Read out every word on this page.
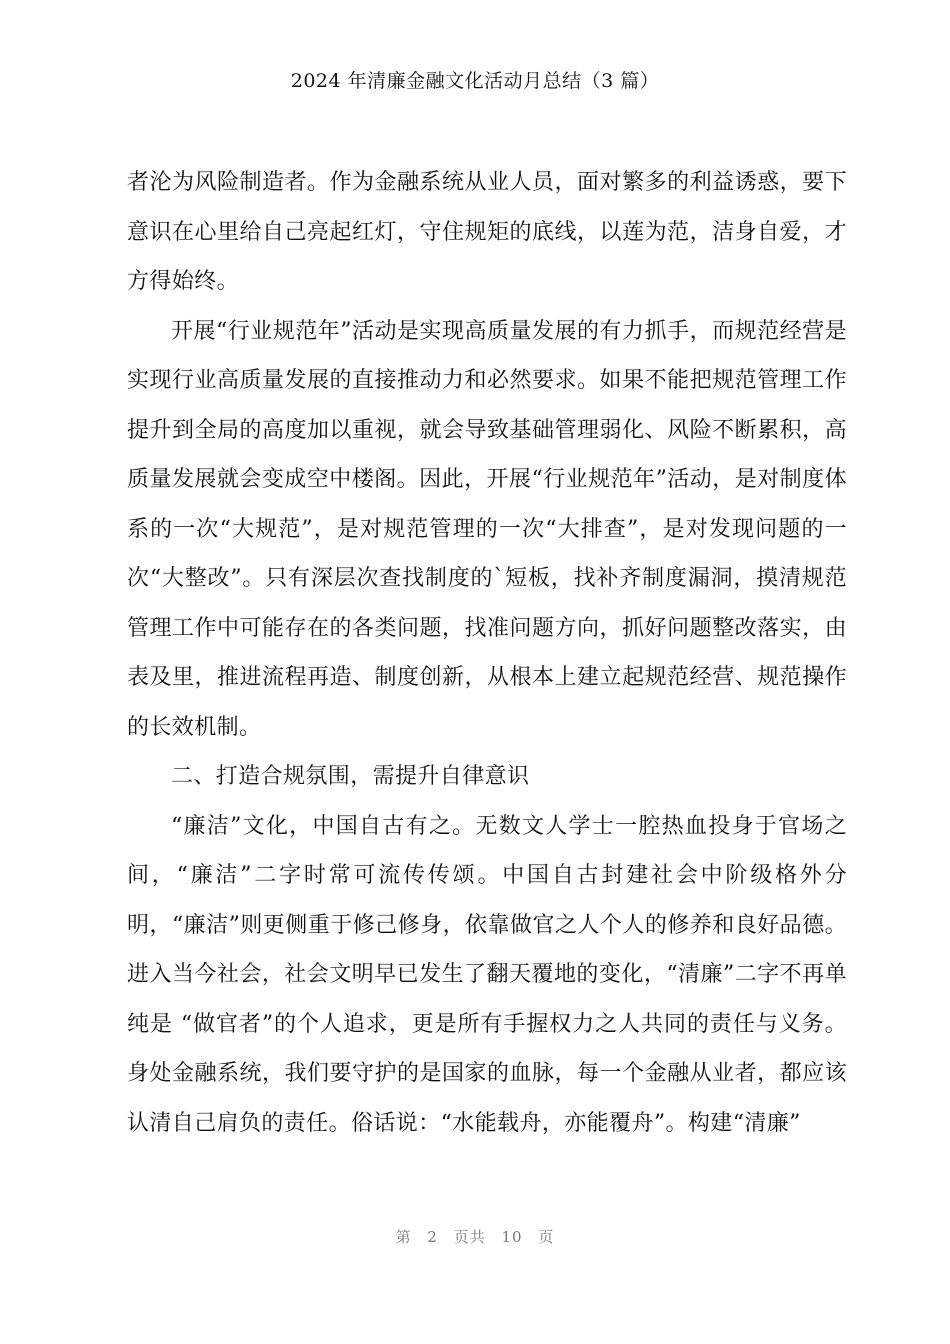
2024 年清廉金融文化活动月总结（3 篇）

者沦为风险制造者。作为金融系统从业人员，面对繁多的利益诱惑，要下意识在心里给自己亮起红灯，守住规矩的底线，以莲为范，洁身自爱，才方得始终。

开展“行业规范年”活动是实现高质量发展的有力抓手，而规范经营是实现行业高质量发展的直接推动力和必然要求。如果不能把规范管理工作提升到全局的高度加以重视，就会导致基础管理弱化、风险不断累积，高质量发展就会变成空中楼阁。因此，开展“行业规范年”活动，是对制度体系的一次“大规范”，是对规范管理的一次“大排查”，是对发现问题的一次“大整改”。只有深层次查找制度的`短板，找补齐制度漏洞，摸清规范管理工作中可能存在的各类问题，找准问题方向，抓好问题整改落实，由表及里，推进流程再造、制度创新，从根本上建立起规范经营、规范操作的长效机制。

二、打造合规氛围，需提升自律意识

“廉洁”文化，中国自古有之。无数文人学士一腔热血投身于官场之间，“廉洁”二字时常可流传传颂。中国自古封建社会中阶级格外分明，“廉洁”则更侧重于修己修身，依靠做官之人个人的修养和良好品德。进入当今社会，社会文明早已发生了翻天覆地的变化，“清廉”二字不再单纯是 “做官者”的个人追求，更是所有手握权力之人共同的责任与义务。身处金融系统，我们要守护的是国家的血脉，每一个金融从业者，都应该认清自己肩负的责任。俗话说：“水能载舟，亦能覆舟”。构建“清廉”

第 2 页共 10 页
